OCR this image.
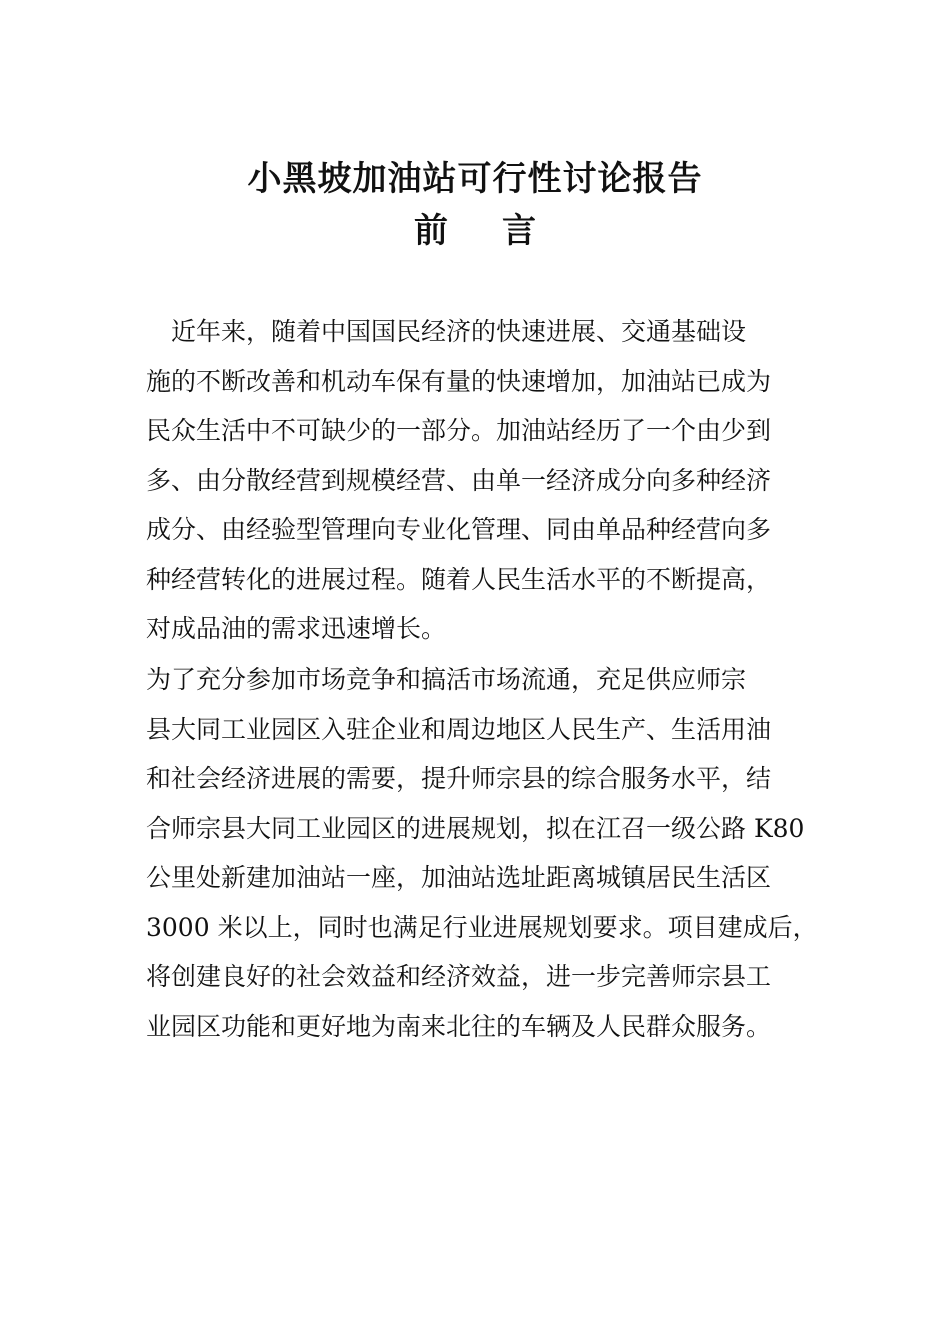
小黑坡加油站可行性讨论报告
前 言

　近年来，随着中国国民经济的快速进展、交通基础设
施的不断改善和机动车保有量的快速增加，加油站已成为
民众生活中不可缺少的一部分。加油站经历了一个由少到
多、由分散经营到规模经营、由单一经济成分向多种经济
成分、由经验型管理向专业化管理、同由单品种经营向多
种经营转化的进展过程。随着人民生活水平的不断提高，
对成品油的需求迅速增长。

为了充分参加市场竞争和搞活市场流通，充足供应师宗
县大同工业园区入驻企业和周边地区人民生产、生活用油
和社会经济进展的需要，提升师宗县的综合服务水平，结
合师宗县大同工业园区的进展规划，拟在江召一级公路 K80
公里处新建加油站一座，加油站选址距离城镇居民生活区
3000 米以上，同时也满足行业进展规划要求。项目建成后，
将创建良好的社会效益和经济效益，进一步完善师宗县工
业园区功能和更好地为南来北往的车辆及人民群众服务。
